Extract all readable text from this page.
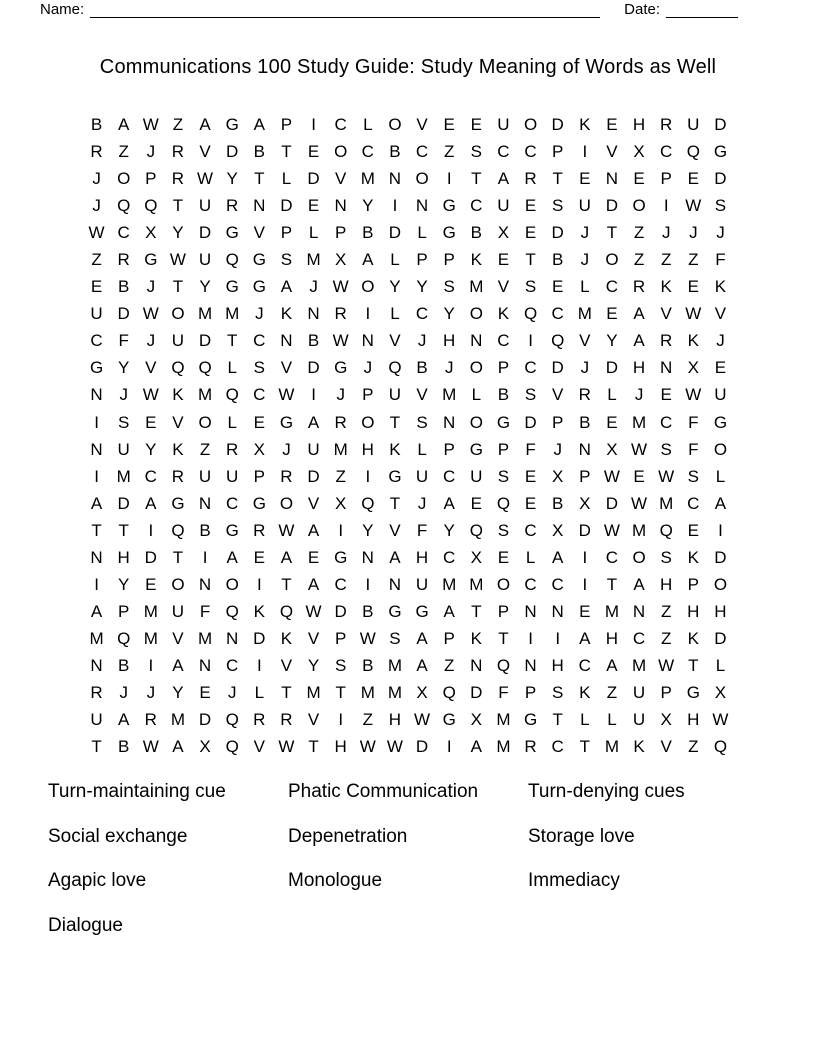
Name:	Date:
Communications 100 Study Guide: Study Meaning of Words as Well
B A W Z A G A P	I	C L O V E E U O D K E H R U D
R Z	J R V D B T E O C B C Z S C C P	I	V X C Q G
J O P R W Y T	L D V M N O	I	T A R T E N E P E D
J Q Q T U R N D E N Y	I	N G C U E S U D O	I W S
W C X Y D G V P L P B D L G B X E D J	T Z	J	J	J
Z R G W U Q G S M X A L P P K E T B	J O Z Z Z F
E B	J	T Y G G A	J W O Y Y S M V S E L C R K E K
U D W O M M J	K N R	I	L C Y O K Q C M E A V W V
C F	J U D T C N B W N V	J H N C	I	Q V Y A R K	J
G Y V Q Q L S V D G J Q B	J O P C D J D H N X E
N J W K M Q C W I	J	P U V M L B S V R L	J	E W U
I	S E V O L E G A R O T S N O G D P B E M C F G
N U Y K Z R X	J U M H K L P G P F	J N X W S F O
I	M C R U U P R D Z	I	G U C U S E X P W E W S L
A D A G N C G O V X Q T	J	A E Q E B X D W M C A
T T	I	Q B G R W A	I	Y V F Y Q S C X D W M Q E	I
N H D T	I	A E A E G N A H C X E L A	I	C O S K D
I	Y E O N O	I	T A C	I	N U M M O C C	I	T A H P O
A P M U F Q K Q W D B G G A T P N N E M N Z H H
M Q M V M N D K V P W S A P K T	I	I	A H C Z K D
N B	I	A N C	I	V Y S B M A Z N Q N H C A M W T	L
R J	J	Y E	J	L	T M T M M X Q D F P S K Z U P G X
U A R M D Q R R V	I	Z H W G X M G T	L	L U X H W
T B W A X Q V W T H W W D	I	A M R C T M K V Z Q
Turn-maintaining cue	Phatic Communication	Turn-denying cues
Social exchange	Depenetration	Storage love
Agapic love	Monologue	Immediacy
Dialogue
